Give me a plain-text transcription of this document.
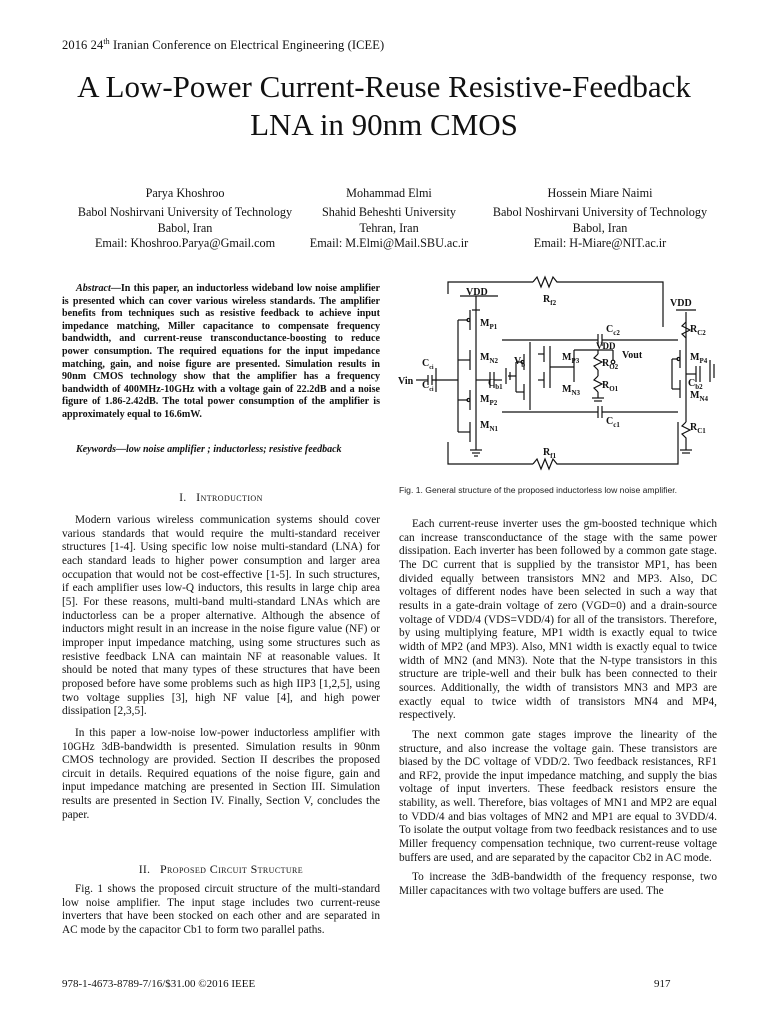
2016 24th Iranian Conference on Electrical Engineering (ICEE)
A Low-Power Current-Reuse Resistive-Feedback
LNA in 90nm CMOS
Parya Khoshroo
Babol Noshirvani University of Technology
Babol, Iran
Email: Khoshroo.Parya@Gmail.com
Mohammad Elmi
Shahid Beheshti University
Tehran, Iran
Email: M.Elmi@Mail.SBU.ac.ir
Hossein Miare Naimi
Babol Noshirvani University of Technology
Babol, Iran
Email: H-Miare@NIT.ac.ir
Abstract—In this paper, an inductorless wideband low noise amplifier is presented which can cover various wireless standards. The amplifier benefits from techniques such as resistive feedback to achieve input impedance matching, Miller capacitance to compensate frequency bandwidth, and current-reuse transconductance-boosting to reduce power consumption. The required equations for the input impedance matching, gain, and noise figure are presented. Simulation results in 90nm CMOS technology show that the amplifier has a frequency bandwidth of 400MHz-10GHz with a voltage gain of 22.2dB and a noise figure of 1.86-2.42dB. The total power consumption of the amplifier is approximately equal to 16.6mW.
Keywords—low noise amplifier ; inductorless; resistive feedback
I. Introduction

Modern various wireless communication systems should cover various standards that would require the multi-standard receiver structures [1-4]. Using specific low noise multi-standard (LNA) for each standard leads to higher power consumption and larger area occupation that would not be cost-effective [1-5]. In such structures, if each amplifier uses low-Q inductors, this results in large chip area [5]. For these reasons, multi-band multi-standard LNAs which are inductorless can be a proper alternative. Although the absence of inductors might result in an increase in the noise figure value (NF) or improper input impedance matching, using some structures such as resistive feedback LNA can maintain NF at reasonable values. It should be noted that many types of these structures that have been proposed before have some problems such as high IIP3 [1,2,5], using two voltage supplies [3], high NF value [4], and high power dissipation [2,3,5].

In this paper a low-noise low-power inductorless amplifier with 10GHz 3dB-bandwidth is presented. Simulation results in 90nm CMOS technology are provided. Section II describes the proposed circuit in details. Required equations of the noise figure, gain and input impedance matching are presented in Section III. Simulation results are presented in Section IV. Finally, Section V, concludes the paper.

II. Proposed Circuit Structure

Fig. 1 shows the proposed circuit structure of the multi-standard low noise amplifier. The input stage includes two current-reuse inverters that have been stocked on each other and are separated in AC mode by the capacitor Cb1 to form two parallel paths.

VDD
VDD
VDD
$R_{f2}$
$R_{f1}$
$M_{P1}$
$M_{N2}$
$M_{P2}$
$M_{N1}$
$M_{P3}$
$M_{N3}$
$M_{P4}$
$M_{N4}$
$C_{b1}$	$C_{b2}$
$C_{c2}$
$C_{c1}$
$C_{ci}$
$C_{ci}$	$R_{O1}$
$R_{O2}$
$R_{C1}$
$R_{C2}$
Vin
$V_b$
Vout
Fig. 1. General structure of the proposed inductorless low noise amplifier.

Each current-reuse inverter uses the gm-boosted technique which can increase transconductance of the stage with the same power dissipation. Each inverter has been followed by a common gate stage. The DC current that is supplied by the transistor MP1, has been divided equally between transistors MN2 and MP3. Also, DC voltages of different nodes have been selected in such a way that results in a gate-drain voltage of zero (VGD=0) and a drain-source voltage of VDD/4 (VDS=VDD/4) for all of the transistors. Therefore, by using multiplying feature, MP1 width is exactly equal to twice width of MP2 (and MP3). Also, MN1 width is exactly equal to twice width of MN2 (and MN3). Note that the N-type transistors in this structure are triple-well and their bulk has been connected to their sources. Additionally, the width of transistors MN3 and MP3 are exactly equal to twice width of transistors MN4 and MP4, respectively.

The next common gate stages improve the linearity of the structure, and also increase the voltage gain. These transistors are biased by the DC voltage of VDD/2. Two feedback resistances, RF1 and RF2, provide the input impedance matching, and supply the bias voltage of input inverters. These feedback resistors ensure the stability, as well. Therefore, bias voltages of MN1 and MP2 are equal to VDD/4 and bias voltages of MN2 and MP1 are equal to 3VDD/4. To isolate the output voltage from two feedback resistances and to use Miller frequency compensation technique, two current-reuse voltage buffers are used, and are separated by the capacitor Cb2 in AC mode.

To increase the 3dB-bandwidth of the frequency response, two Miller capacitances with two voltage buffers are used. The

978-1-4673-8789-7/16/$31.00 ©2016 IEEE	917
